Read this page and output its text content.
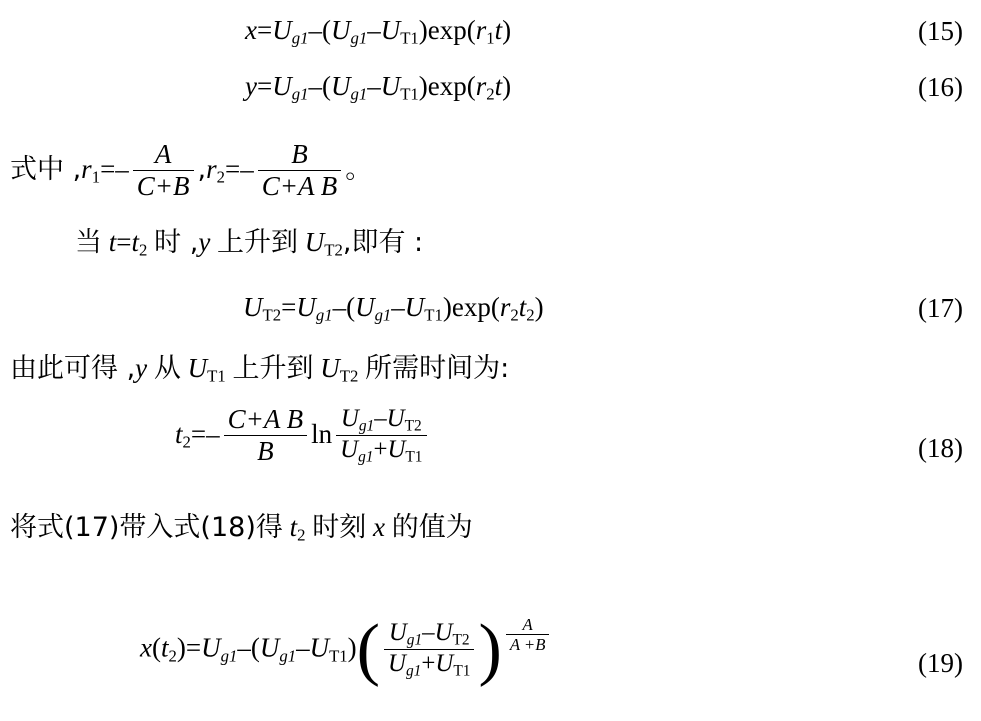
$x=U_{g1}-(U_{g1}-UT1)\exp(r1t)$	(15)
$y=U_{g1}-(U_{g1}-UT1)\exp(r2t)$	(16)
式中 $,r1=- \frac{A}{C+B} ,r2=- \frac{B}{\text{C+A B}}$ 。
当 t=t2 时 ,y 上升到 UT2,即有 :
$UT2=U_{g1}-(U_{g1}-UT1)\exp(r2t2)$	(17)
由此可得 ,y 从 UT1 上升到 UT2 所需时间为:
$t2=- \frac{\text{C+A B}}{B}$ $\ln \frac{U_{g1}-UT2}{U_{g1}+UT1}$	(18)
将式(17)带入式(18)得 t2 时刻 x 的值为
$x(t2)=U_{g1}-(U_{g1}-UT1)( \frac{U_{g1}-UT2}{U_{g1}+UT1}$ ) $\frac{A}{A +B}$
(19)
